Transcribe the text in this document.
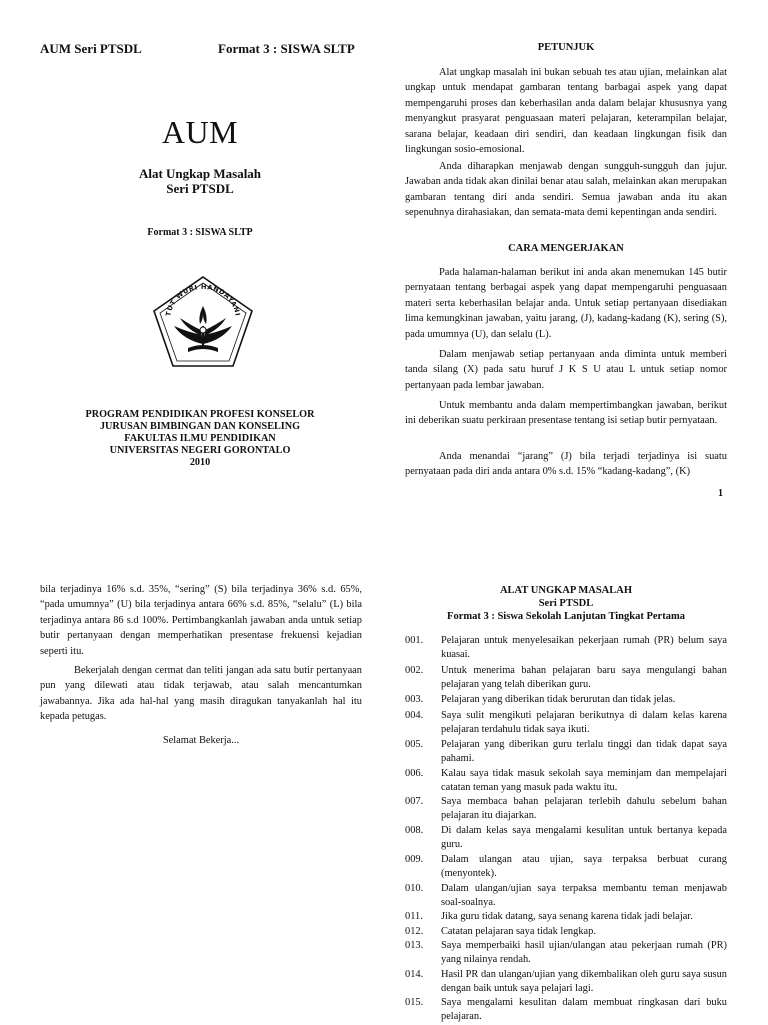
AUM Seri PTSDL	Format 3 : SISWA SLTP
AUM
Alat Ungkap Masalah
Seri PTSDL
Format 3 : SISWA SLTP
TUT WURI HANDAYANI
PROGRAM PENDIDIKAN PROFESI KONSELOR
JURUSAN BIMBINGAN DAN KONSELING
FAKULTAS ILMU PENDIDIKAN
UNIVERSITAS NEGERI GORONTALO
2010
PETUNJUK

Alat ungkap masalah ini bukan sebuah tes atau ujian, melainkan alat ungkap untuk mendapat gambaran tentang barbagai aspek yang dapat mempengaruhi proses dan keberhasilan anda dalam belajar khususnya yang menyangkut prasyarat penguasaan materi pelajaran, keterampilan belajar, sarana belajar, keadaan diri sendiri, dan keadaan lingkungan fisik dan lingkungan sosio-emosional.

Anda diharapkan menjawab dengan sungguh-sungguh dan jujur. Jawaban anda tidak akan dinilai benar atau salah, melainkan akan merupakan gambaran tentang diri anda sendiri. Semua jawaban anda itu akan sepenuhnya dirahasiakan, dan semata-mata demi kepentingan anda sendiri.

CARA MENGERJAKAN

Pada halaman-halaman berikut ini anda akan menemukan 145 butir pernyataan tentang berbagai aspek yang dapat mempengaruhi penguasaan materi serta keberhasilan belajar anda. Untuk setiap pertanyaan disediakan lima kemungkinan jawaban, yaitu jarang, (J), kadang-kadang (K), sering (S), pada umumnya (U), dan selalu (L).

Dalam menjawab setiap pertanyaan anda diminta untuk memberi tanda silang (X) pada satu huruf J K S U atau L untuk setiap nomor pertanyaan pada lembar jawaban.

Untuk membantu anda dalam mempertimbangkan jawaban, berikut ini deberikan suatu perkiraan presentase tentang isi setiap butir pernyataan.

Anda menandai “jarang” (J) bila terjadi terjadinya isi suatu pernyataan pada diri anda antara 0% s.d. 15% “kadang-kadang”, (K)

1

bila terjadinya 16% s.d. 35%, “sering” (S) bila terjadinya 36% s.d. 65%, “pada umumnya” (U) bila terjadinya antara 66% s.d. 85%, “selalu” (L) bila terjadinya antara 86 s.d 100%. Pertimbangkanlah jawaban anda untuk setiap butir pertanyaan dengan memperhatikan presentase frekuensi kejadian seperti itu.

Bekerjalah dengan cermat dan teliti jangan ada satu butir pertanyaan pun yang dilewati atau tidak terjawab, atau salah mencantumkan jawabannya. Jika ada hal-hal yang masih diragukan tanyakanlah hal itu kepada petugas.

Selamat Bekerja...
ALAT UNGKAP MASALAH
Seri PTSDL
Format 3 : Siswa Sekolah Lanjutan Tingkat Pertama
001. Pelajaran untuk menyelesaikan pekerjaan rumah (PR) belum saya kuasai.
002. Untuk menerima bahan pelajaran baru saya mengulangi bahan pelajaran yang telah diberikan guru.
003. Pelajaran yang diberikan tidak berurutan dan tidak jelas.
004. Saya sulit mengikuti pelajaran berikutnya di dalam kelas karena pelajaran terdahulu tidak saya ikuti.
005. Pelajaran yang diberikan guru terlalu tinggi dan tidak dapat saya pahami.
006. Kalau saya tidak masuk sekolah saya meminjam dan mempelajari catatan teman yang masuk pada waktu itu.
007. Saya membaca bahan pelajaran terlebih dahulu sebelum bahan pelajaran itu diajarkan.
008. Di dalam kelas saya mengalami kesulitan untuk bertanya kepada guru.
009. Dalam ulangan atau ujian, saya terpaksa berbuat curang (menyontek).
010. Dalam ulangan/ujian saya terpaksa membantu teman menjawab soal-soalnya.
011. Jika guru tidak datang, saya senang karena tidak jadi belajar.
012. Catatan pelajaran saya tidak lengkap.
013. Saya memperbaiki hasil ujian/ulangan atau pekerjaan rumah (PR) yang nilainya rendah.
014. Hasil PR dan ulangan/ujian yang dikembalikan oleh guru saya susun dengan baik untuk saya pelajari lagi.
015. Saya mengalami kesulitan dalam membuat ringkasan dari buku pelajaran.
